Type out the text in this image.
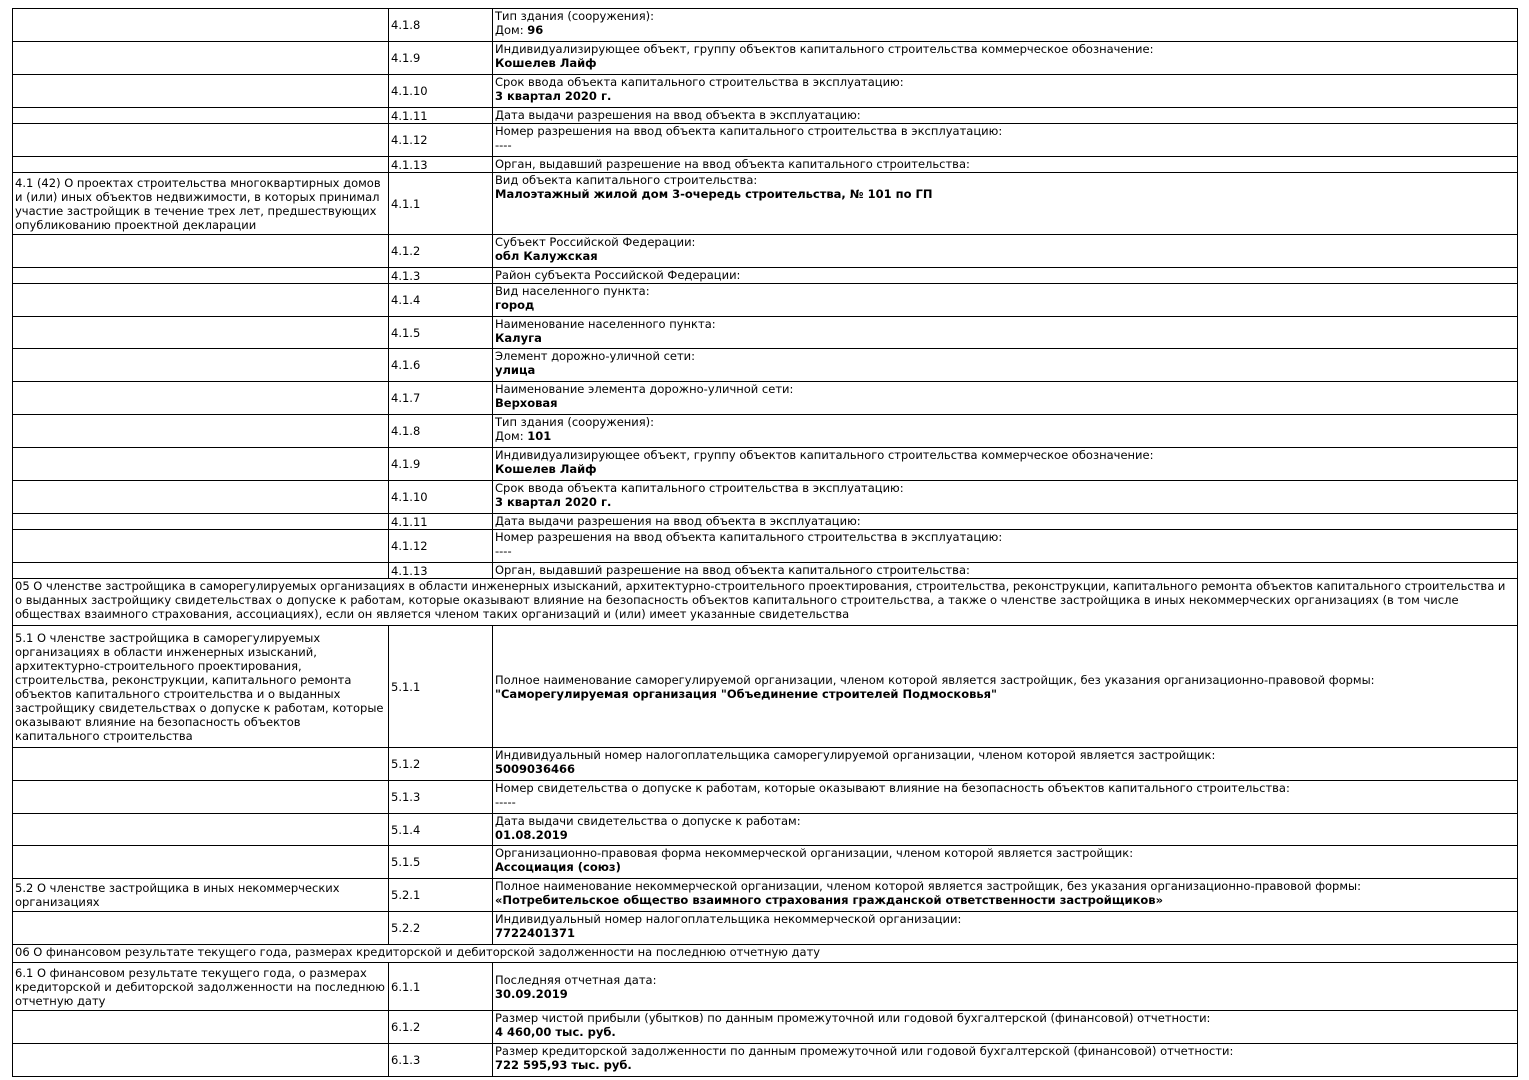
	4.1.8	Тип здания (сооружения):
Дом: 96

	4.1.9	Индивидуализирующее объект, группу объектов капитального строительства коммерческое обозначение:
Кошелев Лайф

	4.1.10	Срок ввода объекта капитального строительства в эксплуатацию:
3 квартал 2020 г.

	4.1.11	Дата выдачи разрешения на ввод объекта в эксплуатацию:

	4.1.12	Номер разрешения на ввод объекта капитального строительства в эксплуатацию:
----

	4.1.13	Орган, выдавший разрешение на ввод объекта капитального строительства:

4.1 (42) О проектах строительства многоквартирных домов и (или) иных объектов недвижимости, в которых принимал участие застройщик в течение трех лет, предшествующих опубликованию проектной декларации	4.1.1	Вид объекта капитального строительства:
Малоэтажный жилой дом 3-очередь строительства, № 101 по ГП

	4.1.2	Субъект Российской Федерации:
обл Калужская

	4.1.3	Район субъекта Российской Федерации:

	4.1.4	Вид населенного пункта:
город

	4.1.5	Наименование населенного пункта:
Калуга

	4.1.6	Элемент дорожно-уличной сети:
улица

	4.1.7	Наименование элемента дорожно-уличной сети:
Верховая

	4.1.8	Тип здания (сооружения):
Дом: 101

	4.1.9	Индивидуализирующее объект, группу объектов капитального строительства коммерческое обозначение:
Кошелев Лайф

	4.1.10	Срок ввода объекта капитального строительства в эксплуатацию:
3 квартал 2020 г.

	4.1.11	Дата выдачи разрешения на ввод объекта в эксплуатацию:

	4.1.12	Номер разрешения на ввод объекта капитального строительства в эксплуатацию:
----

	4.1.13	Орган, выдавший разрешение на ввод объекта капитального строительства:

05 О членстве застройщика в саморегулируемых организациях в области инженерных изысканий, архитектурно-строительного проектирования, строительства, реконструкции, капитального ремонта объектов капитального строительства и о выданных застройщику свидетельствах о допуске к работам, которые оказывают влияние на безопасность объектов капитального строительства, а также о членстве застройщика в иных некоммерческих организациях (в том числе обществах взаимного страхования, ассоциациях), если он является членом таких организаций и (или) имеет указанные свидетельства		
5.1 О членстве застройщика в саморегулируемых организациях в области инженерных изысканий, архитектурно-строительного проектирования, строительства, реконструкции, капитального ремонта объектов капитального строительства и о выданных застройщику свидетельствах о допуске к работам, которые оказывают влияние на безопасность объектов капитального строительства	5.1.1	Полное наименование саморегулируемой организации, членом которой является застройщик, без указания организационно-правовой формы:
"Саморегулируемая организация "Объединение строителей Подмосковья"

	5.1.2	Индивидуальный номер налогоплательщика саморегулируемой организации, членом которой является застройщик:
5009036466

	5.1.3	Номер свидетельства о допуске к работам, которые оказывают влияние на безопасность объектов капитального строительства:
-----

	5.1.4	Дата выдачи свидетельства о допуске к работам:
01.08.2019

	5.1.5	Организационно-правовая форма некоммерческой организации, членом которой является застройщик:
Ассоциация (союз)

5.2 О членстве застройщика в иных некоммерческих организациях	5.2.1	Полное наименование некоммерческой организации, членом которой является застройщик, без указания организационно-правовой формы:
«Потребительское общество взаимного страхования гражданской ответственности застройщиков»

	5.2.2	Индивидуальный номер налогоплательщика некоммерческой организации:
7722401371

06 О финансовом результате текущего года, размерах кредиторской и дебиторской задолженности на последнюю отчетную дату		
6.1 О финансовом результате текущего года, о размерах кредиторской и дебиторской задолженности на последнюю отчетную дату	6.1.1	Последняя отчетная дата:
30.09.2019

	6.1.2	Размер чистой прибыли (убытков) по данным промежуточной или годовой бухгалтерской (финансовой) отчетности:
4 460,00 тыс. руб.

	6.1.3	Размер кредиторской задолженности по данным промежуточной или годовой бухгалтерской (финансовой) отчетности:
722 595,93 тыс. руб.
